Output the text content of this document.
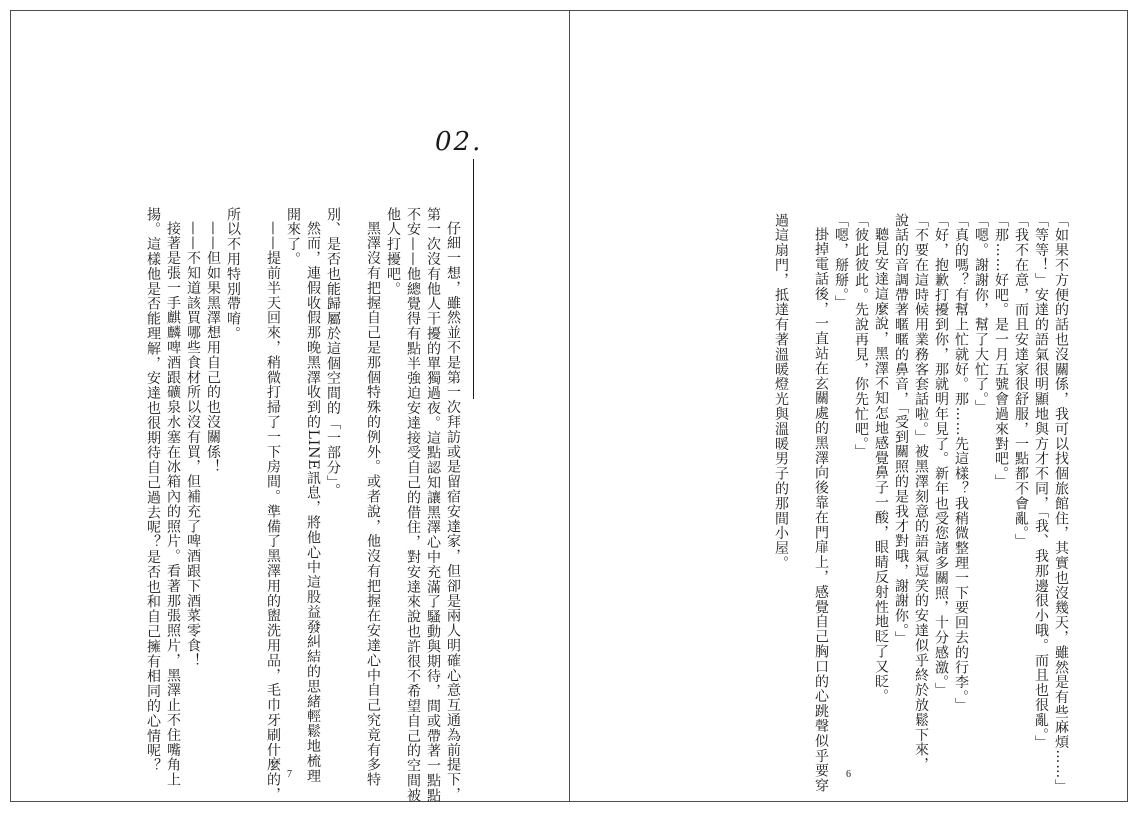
02.
仔細一想，雖然並不是第一次拜訪或是留宿安達家，但卻是兩人明確心意互通為前提下，
第一次沒有他人干擾的單獨過夜。這點認知讓黑澤心中充滿了騷動與期待，間或帶著一點點
不安——他總覺得有點半強迫安達接受自己的借住，對安達來說也許很不希望自己的空間被
他人打擾吧。
黑澤沒有把握自己是那個特殊的例外。或者說，他沒有把握在安達心中自己究竟有多特
別、是否也能歸屬於這個空間的「一部分」。
然而，連假收假那晚黑澤收到的LINE訊息，將他心中這股益發糾結的思緒輕鬆地梳理
開來了。
——提前半天回來，稍微打掃了一下房間。準備了黑澤用的盥洗用品，毛巾牙刷什麼的，
所以不用特別帶唷。
——但如果黑澤想用自己的也沒關係！
——不知道該買哪些食材所以沒有買，但補充了啤酒跟下酒菜零食！
接著是張一手麒麟啤酒跟礦泉水塞在冰箱內的照片。看著那張照片，黑澤止不住嘴角上
揚。這樣他是否能理解，安達也很期待自己過去呢？是否也和自己擁有相同的心情呢？
7	「如果不方便的話也沒關係，我可以找個旅館住，其實也沒幾天，雖然是有些麻煩……」
「等等！」安達的語氣很明顯地與方才不同，「我、我那邊很小哦。而且也很亂。」
「我不在意，而且安達家很舒服，一點都不會亂。」
「那……好吧。是一月五號會過來對吧。」
「嗯。謝謝你，幫了大忙了。」
「真的嗎？有幫上忙就好。那……先這樣？我稍微整理一下要回去的行李。」
「好，抱歉打擾到你，那就明年見了。新年也受您諸多關照，十分感激。」
「不要在這時候用業務客套話啦。」被黑澤刻意的語氣逗笑的安達似乎終於放鬆下來，
說話的音調帶著暱暱的鼻音，「受到關照的是我才對哦，謝謝你。」
聽見安達這麼說，黑澤不知怎地感覺鼻子一酸，眼睛反射性地眨了又眨。
「彼此彼此。先說再見，你先忙吧。」
「嗯，掰掰。」
掛掉電話後，一直站在玄關處的黑澤向後靠在門扉上，感覺自己胸口的心跳聲似乎要穿
過這扇門，抵達有著溫暖燈光與溫暖男子的那間小屋。
6
